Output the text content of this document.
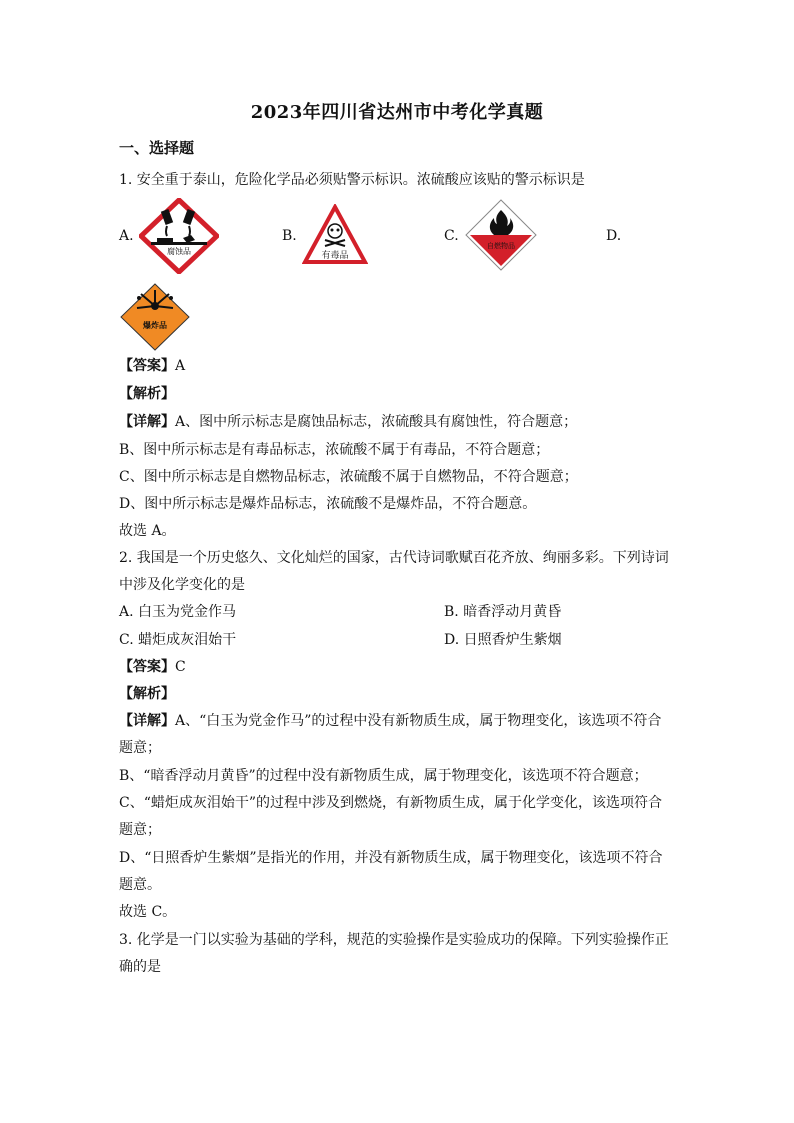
2023年四川省达州市中考化学真题
一、选择题
1. 安全重于泰山，危险化学品必须贴警示标识。浓硫酸应该贴的警示标识是
A.	B.	C.	D.
腐蚀品	有毒品
自燃物品
爆炸品
【答案】A
【解析】
【详解】A、图中所示标志是腐蚀品标志，浓硫酸具有腐蚀性，符合题意；
B、图中所示标志是有毒品标志，浓硫酸不属于有毒品，不符合题意；
C、图中所示标志是自燃物品标志，浓硫酸不属于自燃物品，不符合题意；
D、图中所示标志是爆炸品标志，浓硫酸不是爆炸品，不符合题意。
故选 A。
2. 我国是一个历史悠久、文化灿烂的国家，古代诗词歌赋百花齐放、绚丽多彩。下列诗词
中涉及化学变化的是
A. 白玉为党金作马	B. 暗香浮动月黄昏
C. 蜡炬成灰泪始干	D. 日照香炉生紫烟
【答案】C
【解析】
【详解】A、“白玉为党金作马”的过程中没有新物质生成，属于物理变化，该选项不符合
题意；
B、“暗香浮动月黄昏”的过程中没有新物质生成，属于物理变化，该选项不符合题意；
C、“蜡炬成灰泪始干”的过程中涉及到燃烧，有新物质生成，属于化学变化，该选项符合
题意；
D、“日照香炉生紫烟”是指光的作用，并没有新物质生成，属于物理变化，该选项不符合
题意。
故选 C。
3. 化学是一门以实验为基础的学科，规范的实验操作是实验成功的保障。下列实验操作正
确的是
